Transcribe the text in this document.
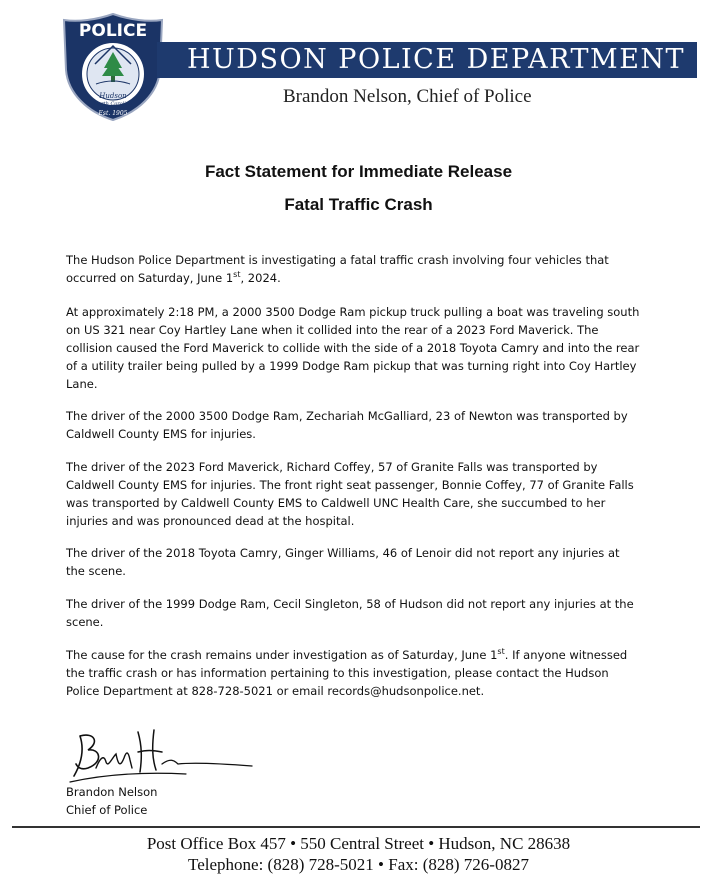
POLICE
Hudson
North Carolina
Est. 1905
HUDSON POLICE DEPARTMENT
Brandon Nelson, Chief of Police
Fact Statement for Immediate Release
Fatal Traffic Crash

The Hudson Police Department is investigating a fatal traffic crash involving four vehicles that occurred on Saturday, June 1st, 2024.

At approximately 2:18 PM, a 2000 3500 Dodge Ram pickup truck pulling a boat was traveling south on US 321 near Coy Hartley Lane when it collided into the rear of a 2023 Ford Maverick. The collision caused the Ford Maverick to collide with the side of a 2018 Toyota Camry and into the rear of a utility trailer being pulled by a 1999 Dodge Ram pickup that was turning right into Coy Hartley Lane.

The driver of the 2000 3500 Dodge Ram, Zechariah McGalliard, 23 of Newton was transported by Caldwell County EMS for injuries.

The driver of the 2023 Ford Maverick, Richard Coffey, 57 of Granite Falls was transported by Caldwell County EMS for injuries. The front right seat passenger, Bonnie Coffey, 77 of Granite Falls was transported by Caldwell County EMS to Caldwell UNC Health Care, she succumbed to her injuries and was pronounced dead at the hospital.

The driver of the 2018 Toyota Camry, Ginger Williams, 46 of Lenoir did not report any injuries at the scene.

The driver of the 1999 Dodge Ram, Cecil Singleton, 58 of Hudson did not report any injuries at the scene.

The cause for the crash remains under investigation as of Saturday, June 1st. If anyone witnessed the traffic crash or has information pertaining to this investigation, please contact the Hudson Police Department at 828-728-5021 or email records@hudsonpolice.net.

Brandon Nelson
Chief of Police
Post Office Box 457 • 550 Central Street • Hudson, NC 28638
Telephone: (828) 728-5021 • Fax: (828) 726-0827
